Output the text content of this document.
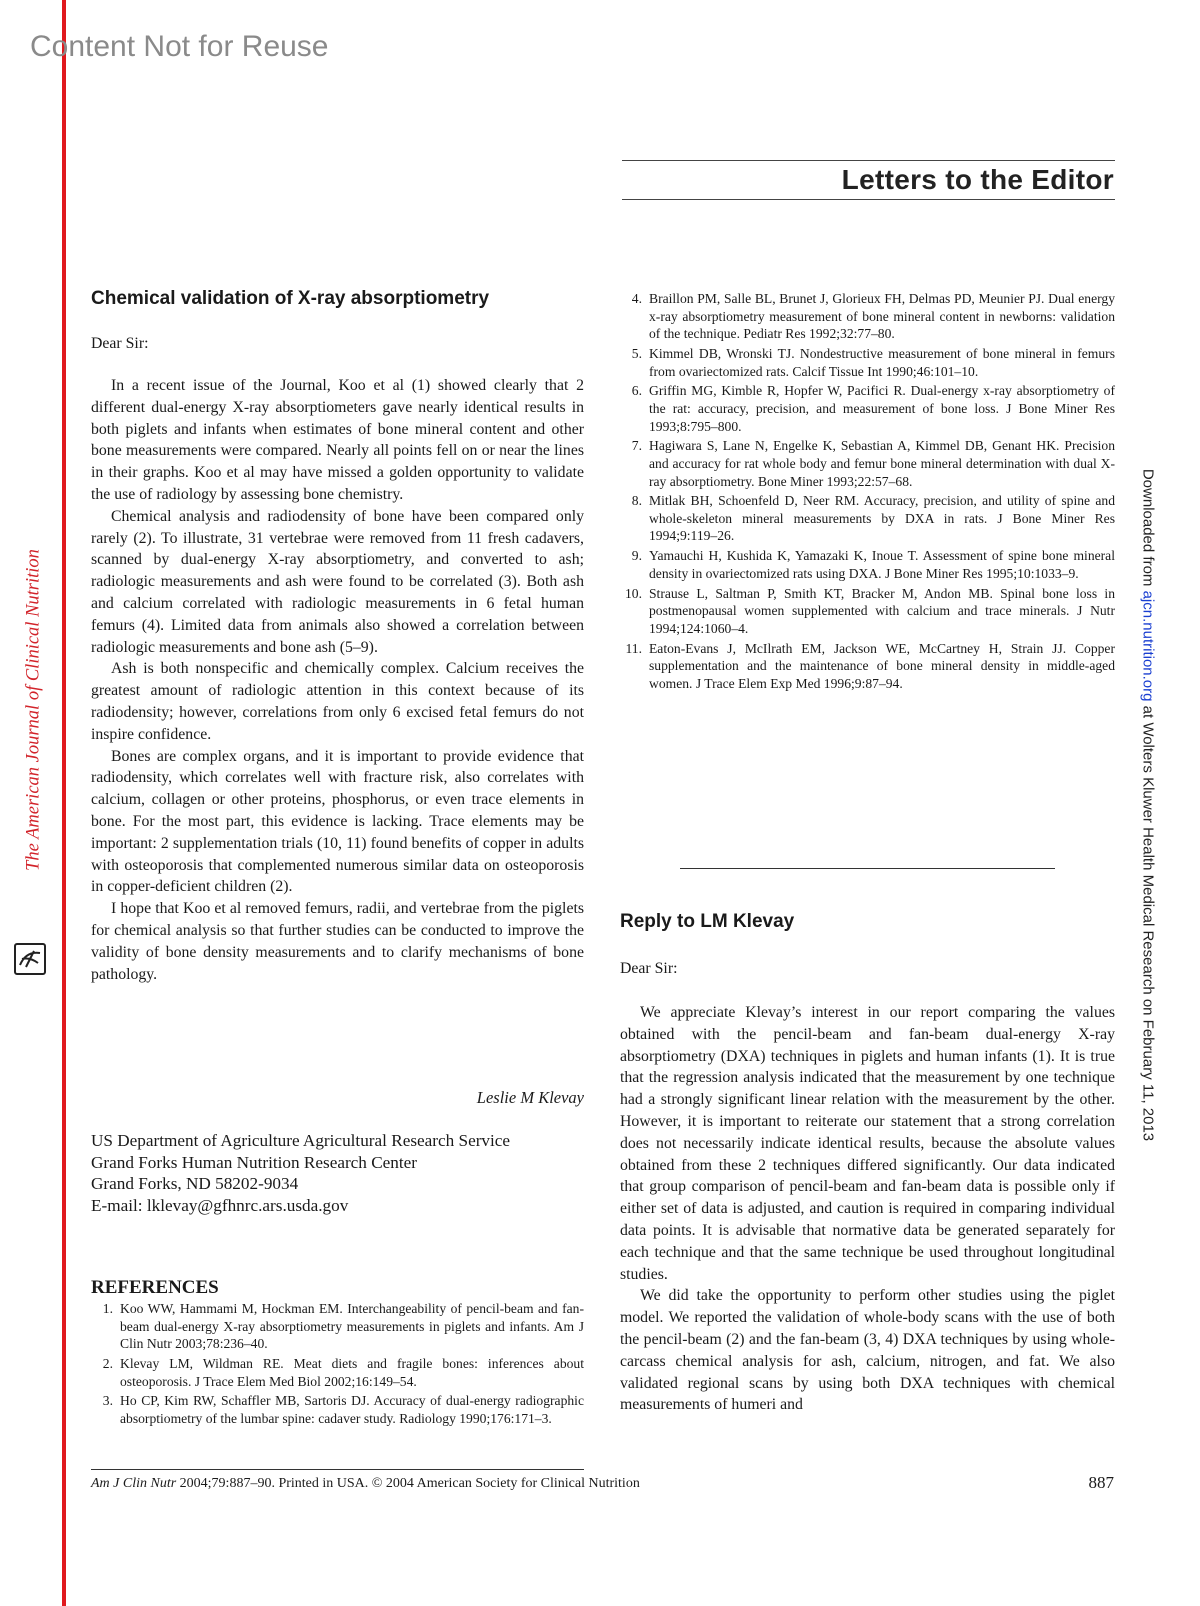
Content Not for Reuse
The American Journal of Clinical Nutrition
Downloaded from ajcn.nutrition.org at Wolters Kluwer Health Medical Research on February 11, 2013
Letters to the Editor
Chemical validation of X-ray absorptiometry
Dear Sir:

In a recent issue of the Journal, Koo et al (1) showed clearly that 2 different dual-energy X-ray absorptiometers gave nearly identical results in both piglets and infants when estimates of bone mineral content and other bone measurements were compared. Nearly all points fell on or near the lines in their graphs. Koo et al may have missed a golden opportunity to validate the use of radiology by assessing bone chemistry.

Chemical analysis and radiodensity of bone have been compared only rarely (2). To illustrate, 31 vertebrae were removed from 11 fresh cadavers, scanned by dual-energy X-ray absorptiometry, and converted to ash; radiologic measurements and ash were found to be correlated (3). Both ash and calcium correlated with radiologic measurements in 6 fetal human femurs (4). Limited data from animals also showed a correlation between radiologic measurements and bone ash (5–9).

Ash is both nonspecific and chemically complex. Calcium receives the greatest amount of radiologic attention in this context because of its radiodensity; however, correlations from only 6 excised fetal femurs do not inspire confidence.

Bones are complex organs, and it is important to provide evidence that radiodensity, which correlates well with fracture risk, also correlates with calcium, collagen or other proteins, phosphorus, or even trace elements in bone. For the most part, this evidence is lacking. Trace elements may be important: 2 supplementation trials (10, 11) found benefits of copper in adults with osteoporosis that complemented numerous similar data on osteoporosis in copper-deficient children (2).

I hope that Koo et al removed femurs, radii, and vertebrae from the piglets for chemical analysis so that further studies can be conducted to improve the validity of bone density measurements and to clarify mechanisms of bone pathology.

Leslie M Klevay
US Department of Agriculture Agricultural Research Service
Grand Forks Human Nutrition Research Center
Grand Forks, ND 58202-9034
E-mail: lklevay@gfhnrc.ars.usda.gov
REFERENCES
1. Koo WW, Hammami M, Hockman EM. Interchangeability of pencil-beam and fan-beam dual-energy X-ray absorptiometry measurements in piglets and infants. Am J Clin Nutr 2003;78:236–40.
2. Klevay LM, Wildman RE. Meat diets and fragile bones: inferences about osteoporosis. J Trace Elem Med Biol 2002;16:149–54.
3. Ho CP, Kim RW, Schaffler MB, Sartoris DJ. Accuracy of dual-energy radiographic absorptiometry of the lumbar spine: cadaver study. Radiology 1990;176:171–3.
4. Braillon PM, Salle BL, Brunet J, Glorieux FH, Delmas PD, Meunier PJ. Dual energy x-ray absorptiometry measurement of bone mineral content in newborns: validation of the technique. Pediatr Res 1992;32:77–80.
5. Kimmel DB, Wronski TJ. Nondestructive measurement of bone mineral in femurs from ovariectomized rats. Calcif Tissue Int 1990;46:101–10.
6. Griffin MG, Kimble R, Hopfer W, Pacifici R. Dual-energy x-ray absorptiometry of the rat: accuracy, precision, and measurement of bone loss. J Bone Miner Res 1993;8:795–800.
7. Hagiwara S, Lane N, Engelke K, Sebastian A, Kimmel DB, Genant HK. Precision and accuracy for rat whole body and femur bone mineral determination with dual X-ray absorptiometry. Bone Miner 1993;22:57–68.
8. Mitlak BH, Schoenfeld D, Neer RM. Accuracy, precision, and utility of spine and whole-skeleton mineral measurements by DXA in rats. J Bone Miner Res 1994;9:119–26.
9. Yamauchi H, Kushida K, Yamazaki K, Inoue T. Assessment of spine bone mineral density in ovariectomized rats using DXA. J Bone Miner Res 1995;10:1033–9.
10. Strause L, Saltman P, Smith KT, Bracker M, Andon MB. Spinal bone loss in postmenopausal women supplemented with calcium and trace minerals. J Nutr 1994;124:1060–4.
11. Eaton-Evans J, McIlrath EM, Jackson WE, McCartney H, Strain JJ. Copper supplementation and the maintenance of bone mineral density in middle-aged women. J Trace Elem Exp Med 1996;9:87–94.
Reply to LM Klevay
Dear Sir:

We appreciate Klevay’s interest in our report comparing the values obtained with the pencil-beam and fan-beam dual-energy X-ray absorptiometry (DXA) techniques in piglets and human infants (1). It is true that the regression analysis indicated that the measurement by one technique had a strongly significant linear relation with the measurement by the other. However, it is important to reiterate our statement that a strong correlation does not necessarily indicate identical results, because the absolute values obtained from these 2 techniques differed significantly. Our data indicated that group comparison of pencil-beam and fan-beam data is possible only if either set of data is adjusted, and caution is required in comparing individual data points. It is advisable that normative data be generated separately for each technique and that the same technique be used throughout longitudinal studies.

We did take the opportunity to perform other studies using the piglet model. We reported the validation of whole-body scans with the use of both the pencil-beam (2) and the fan-beam (3, 4) DXA techniques by using whole-carcass chemical analysis for ash, calcium, nitrogen, and fat. We also validated regional scans by using both DXA techniques with chemical measurements of humeri and

Am J Clin Nutr 2004;79:887–90. Printed in USA. © 2004 American Society for Clinical Nutrition	887
